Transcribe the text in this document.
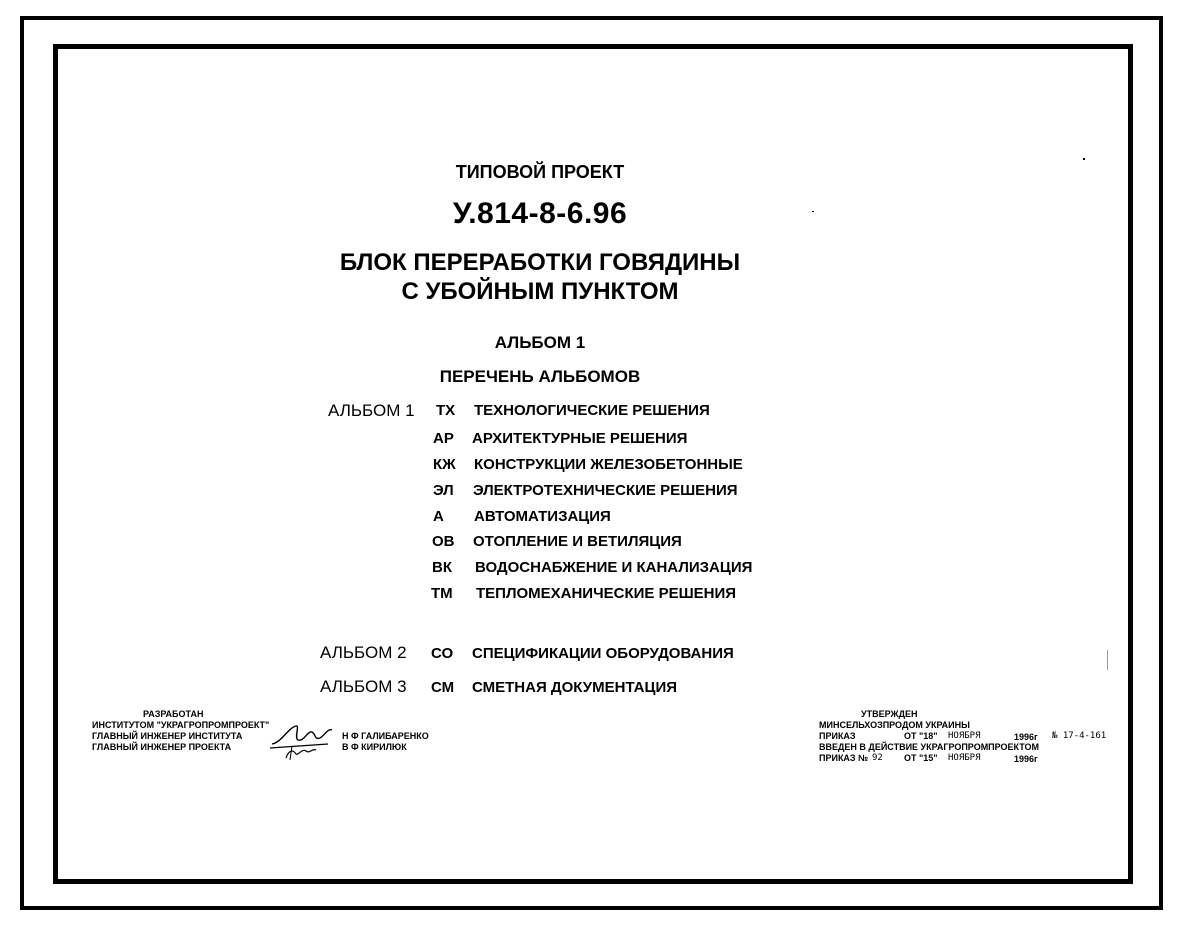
ТИПОВОЙ ПРОЕКТ
У.814-8-6.96
БЛОК ПЕРЕРАБОТКИ ГОВЯДИНЫ
С УБОЙНЫМ ПУНКТОМ
АЛЬБОМ 1
ПЕРЕЧЕНЬ АЛЬБОМОВ
АЛЬБОМ 1 ТХ ТЕХНОЛОГИЧЕСКИЕ РЕШЕНИЯ
АР АРХИТЕКТУРНЫЕ РЕШЕНИЯ
КЖ КОНСТРУКЦИИ ЖЕЛЕЗОБЕТОННЫЕ
ЭЛ ЭЛЕКТРОТЕХНИЧЕСКИЕ РЕШЕНИЯ
А АВТОМАТИЗАЦИЯ
ОВ ОТОПЛЕНИЕ И ВЕТИЛЯЦИЯ
ВК ВОДОСНАБЖЕНИЕ И КАНАЛИЗАЦИЯ
ТМ ТЕПЛОМЕХАНИЧЕСКИЕ РЕШЕНИЯ
АЛЬБОМ 2 СО СПЕЦИФИКАЦИИ ОБОРУДОВАНИЯ
АЛЬБОМ 3 СМ СМЕТНАЯ ДОКУМЕНТАЦИЯ
РАЗРАБОТАН
ИНСТИТУТОМ "УКРАГРОПРОМПРОЕКТ"
ГЛАВНЫЙ ИНЖЕНЕР ИНСТИТУТА
ГЛАВНЫЙ ИНЖЕНЕР ПРОЕКТА
Н Ф ГАЛИБАРЕНКО
В Ф КИРИЛЮК
УТВЕРЖДЕН
МИНСЕЛЬХОЗПРОДОМ УКРАИНЫ
ПРИКАЗ	ОТ "18" НОЯБРЯ	1996г № 17-4-161
ВВЕДЕН В ДЕЙСТВИЕ УКРАГРОПРОМПРОЕКТОМ
ПРИКАЗ № 92 ОТ "15" НОЯБРЯ	1996г
